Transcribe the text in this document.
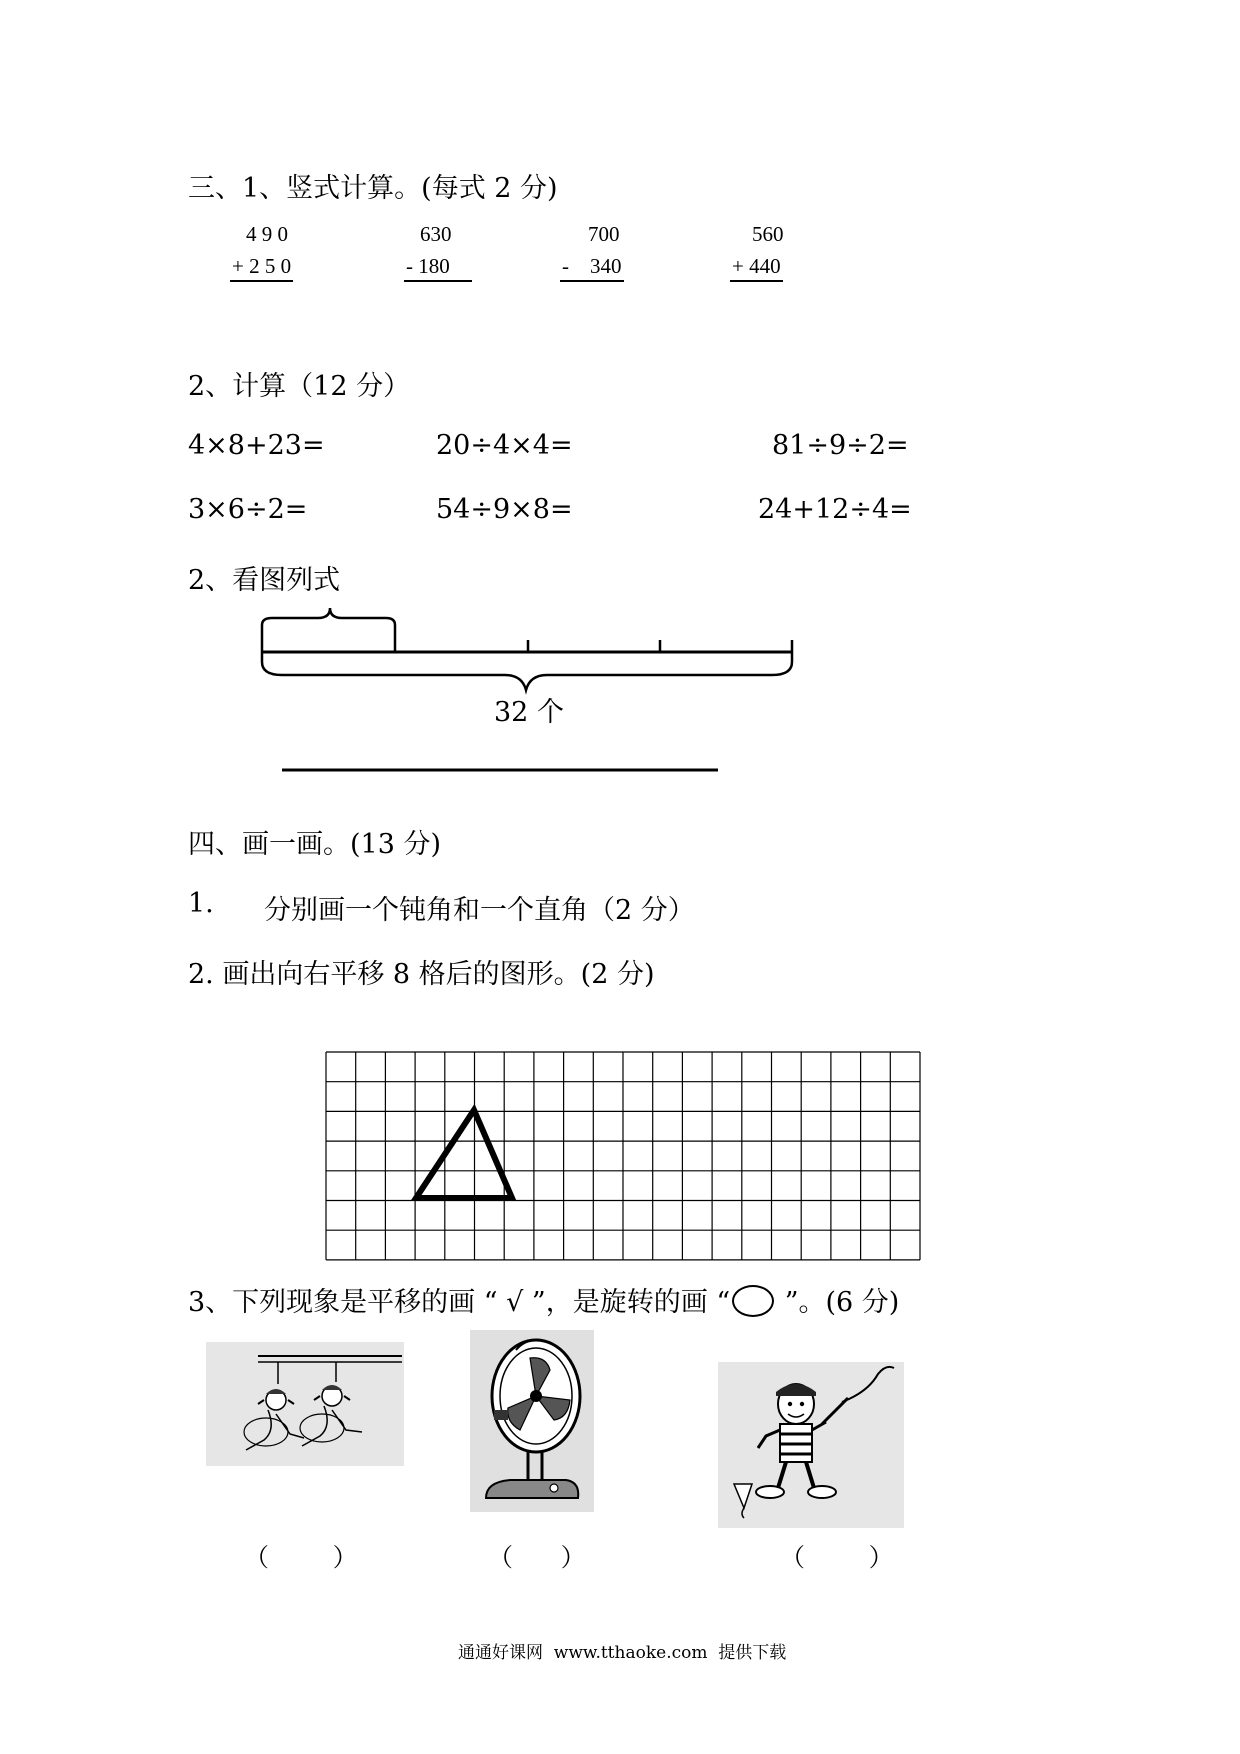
三、1、竖式计算。(每式 2 分)
4 9 0
+ 2 5 0
630
- 180
700
-    340
560
+ 440
2、计算（12 分）
4×8+23=	20÷4×4=	81÷9÷2=
3×6÷2=	54÷9×8=	24+12÷4=
2、看图列式
32 个
四、画一画。(13 分)
1. 分别画一个钝角和一个直角（2 分）
2. 画出向右平移 8 格后的图形。(2 分)
3、下列现象是平移的画 “ √ ”，是旋转的画 “ ”。(6 分)
（        ）	（      ）	（        ）
通通好课网  www.tthaoke.com  提供下载
